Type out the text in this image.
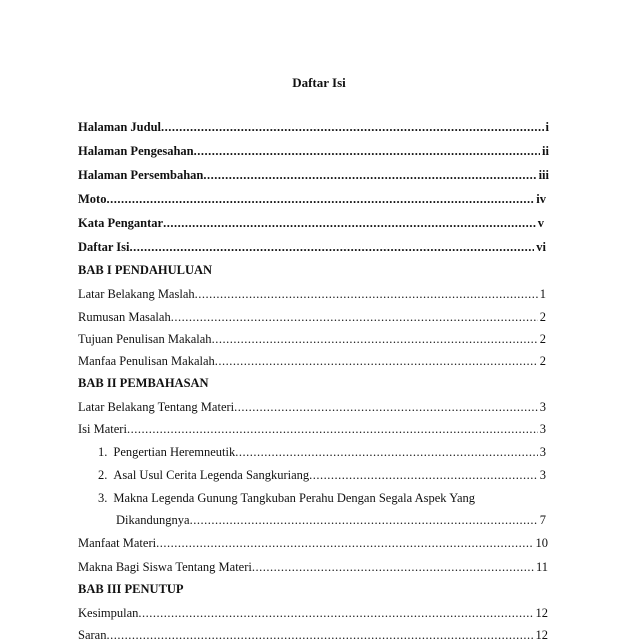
Daftar Isi
Halaman Judul .....	i
Halaman Pengesahan .....	ii
Halaman Persembahan .....	iii
Moto .....	iv
Kata Pengantar .....	v
Daftar Isi .....	vi
BAB I PENDAHULUAN
Latar Belakang Maslah .....	1
Rumusan Masalah .....	2
Tujuan Penulisan Makalah .....	2
Manfaa Penulisan Makalah .....	2
BAB II PEMBAHASAN
Latar Belakang Tentang Materi .....	3
Isi Materi .....	3
1. Pengertian Heremneutik .....	3
2. Asal Usul Cerita Legenda Sangkuriang .....	3
3. Makna Legenda Gunung Tangkuban Perahu Dengan Segala Aspek Yang
Dikandungnya .....	7
Manfaat Materi .....	10
Makna Bagi Siswa Tentang Materi .....	11
BAB III PENUTUP
Kesimpulan .....	12
Saran .....	12
